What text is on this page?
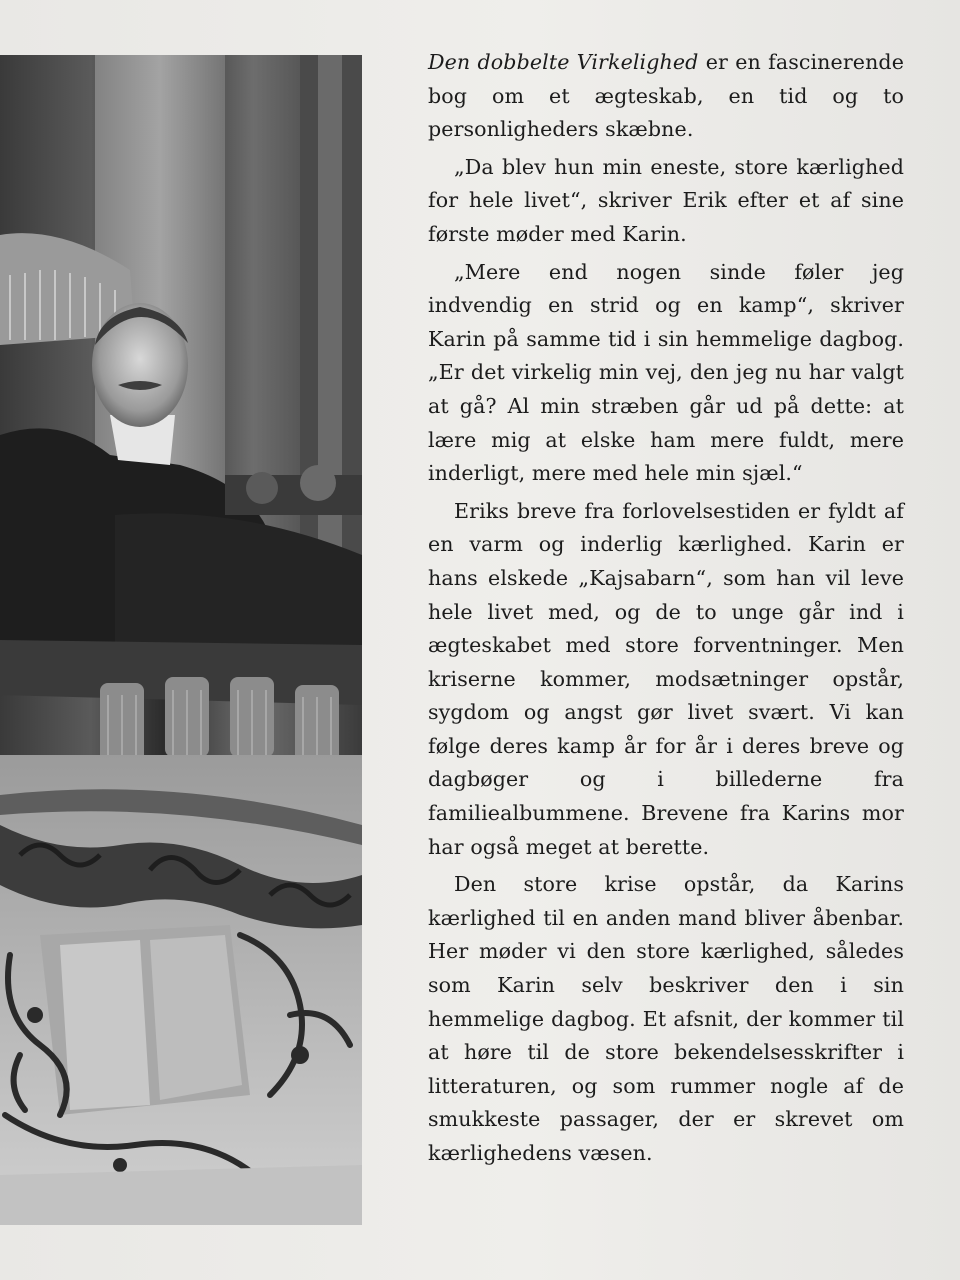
Den dobbelte Virkelighed er en fascinerende bog om et ægteskab, en tid og to personligheders skæbne.

„Da blev hun min eneste, store kærlighed for hele livet“, skriver Erik efter et af sine første møder med Karin.

„Mere end nogen sinde føler jeg indvendig en strid og en kamp“, skriver Karin på samme tid i sin hemmelige dagbog. „Er det virkelig min vej, den jeg nu har valgt at gå? Al min stræben går ud på dette: at lære mig at elske ham mere fuldt, mere inderligt, mere med hele min sjæl.“

Eriks breve fra forlovelsestiden er fyldt af en varm og inderlig kærlighed. Karin er hans elskede „Kajsabarn“, som han vil leve hele livet med, og de to unge går ind i ægteskabet med store forventninger. Men kriserne kommer, modsætninger opstår, sygdom og angst gør livet svært. Vi kan følge deres kamp år for år i deres breve og dagbøger og i billederne fra familiealbummene. Brevene fra Karins mor har også meget at berette.

Den store krise opstår, da Karins kærlighed til en anden mand bliver åbenbar. Her møder vi den store kærlighed, således som Karin selv beskriver den i sin hemmelige dagbog. Et afsnit, der kommer til at høre til de store bekendelsesskrifter i litteraturen, og som rummer nogle af de smukkeste passager, der er skrevet om kærlighedens væsen.
